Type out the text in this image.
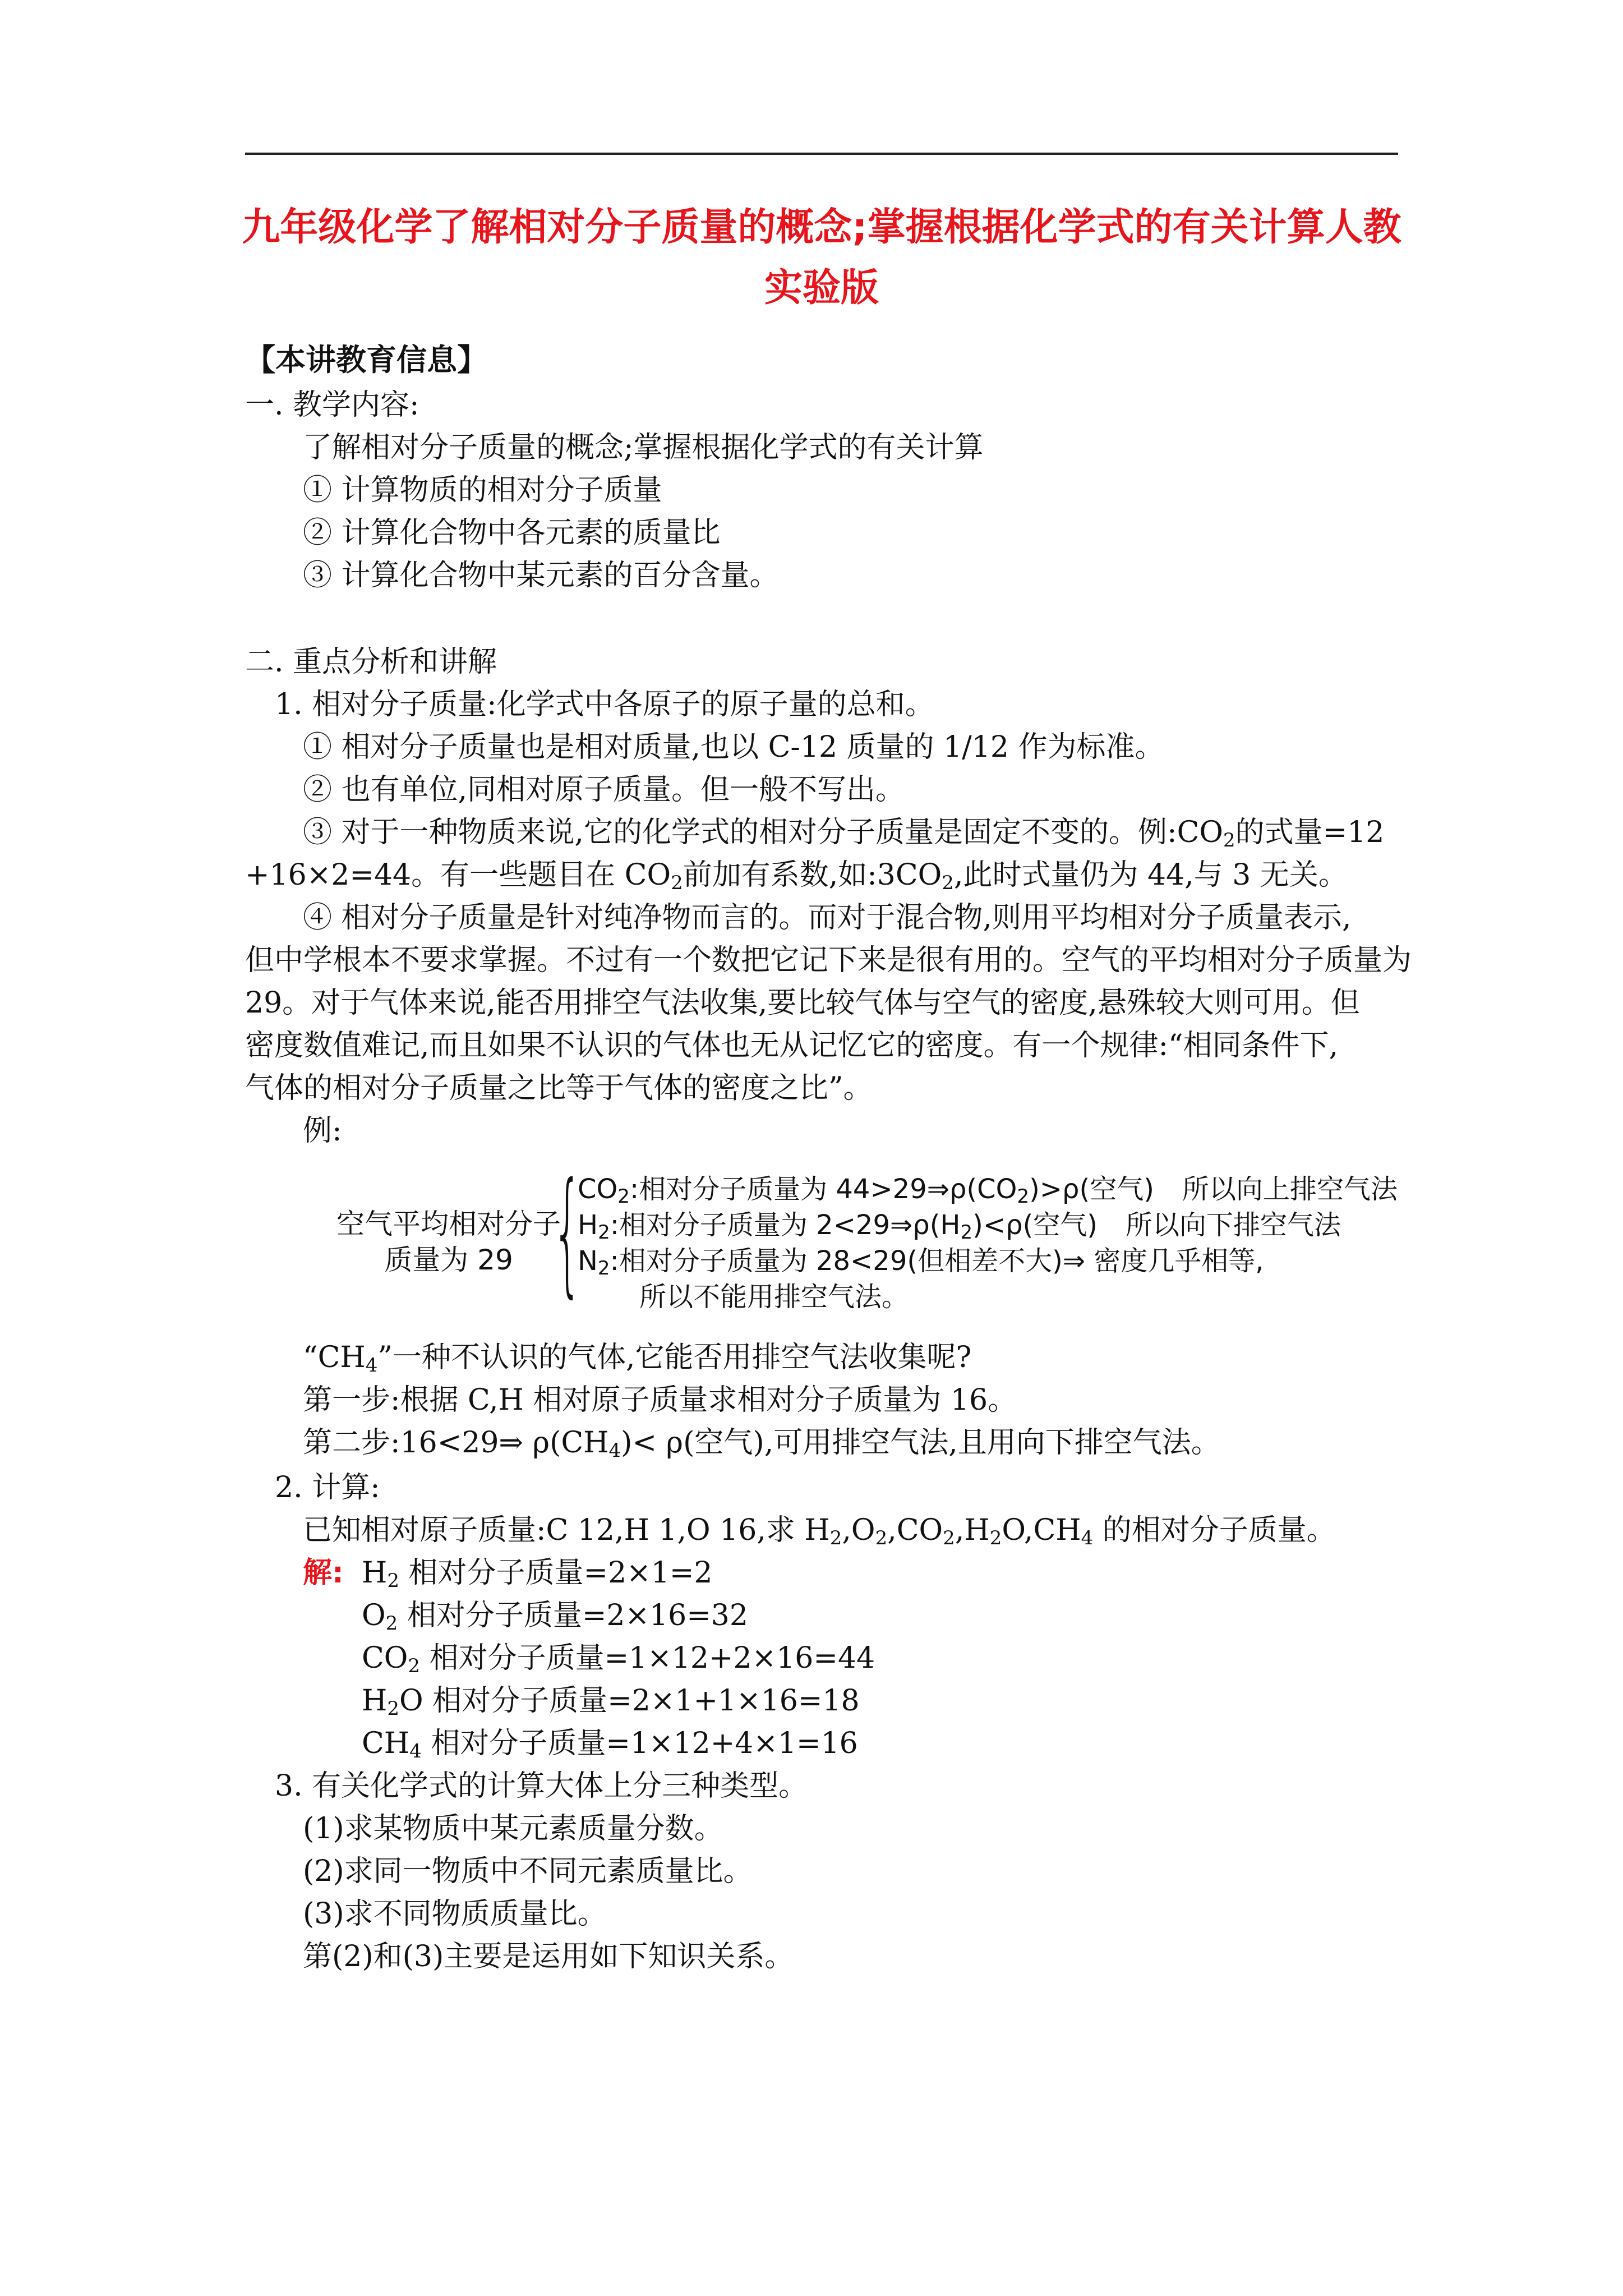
九年级化学了解相对分子质量的概念;掌握根据化学式的有关计算人教实验版
【本讲教育信息】
一. 教学内容:
了解相对分子质量的概念;掌握根据化学式的有关计算
① 计算物质的相对分子质量
② 计算化合物中各元素的质量比
③ 计算化合物中某元素的百分含量。
二. 重点分析和讲解
1. 相对分子质量:化学式中各原子的原子量的总和。
① 相对分子质量也是相对质量,也以 C-12 质量的 1/12 作为标准。
② 也有单位,同相对原子质量。但一般不写出。
③ 对于一种物质来说,它的化学式的相对分子质量是固定不变的。例$:CO_2$的式量=12
+16×2=44。有一些题目在 $CO_2$前加有系数,如$:3CO_2$,此时式量仍为 44,与 3 无关。
④ 相对分子质量是针对纯净物而言的。而对于混合物,则用平均相对分子质量表示,
但中学根本不要求掌握。不过有一个数把它记下来是很有用的。空气的平均相对分子质量为
29。对于气体来说,能否用排空气法收集,要比较气体与空气的密度,悬殊较大则可用。但
密度数值难记,而且如果不认识的气体也无从记忆它的密度。有一个规律:“相同条件下,
气体的相对分子质量之比等于气体的密度之比”。
例:
空气平均相对分子
质量为 29 {
$CO_2$:相对分子质量为 $44>29\Rightarrow\rho(CO_2)>\rho$(空气) 所以向上排空气法
$H_2$:相对分子质量为 $2<29\Rightarrow\rho(H_2)<\rho$(空气) 所以向下排空气法
$N_2$:相对分子质量为 28<29(但相差不大)⇒ 密度几乎相等,
所以不能用排空气法。
“$CH_4$”一种不认识的气体,它能否用排空气法收集呢?
第一步:根据 C,H 相对原子质量求相对分子质量为 16。
第二步:16<29⇒ $\rho(CH_4)< \rho$(空气),可用排空气法,且用向下排空气法。
2. 计算:
已知相对原子质量:C 12,H 1,O 16,求 $H_2,O_2,CO_2,H_2O,CH_4$ 的相对分子质量。
解: $H_2$ 相对分子质量=2×1=2
$O_2$ 相对分子质量=2×16=32
$CO_2$ 相对分子质量=1×12+2×16=44
$H_2O$ 相对分子质量=2×1+1×16=18
$CH_4$ 相对分子质量=1×12+4×1=16
3. 有关化学式的计算大体上分三种类型。
(1)求某物质中某元素质量分数。
(2)求同一物质中不同元素质量比。
(3)求不同物质质量比。
第(2)和(3)主要是运用如下知识关系。
